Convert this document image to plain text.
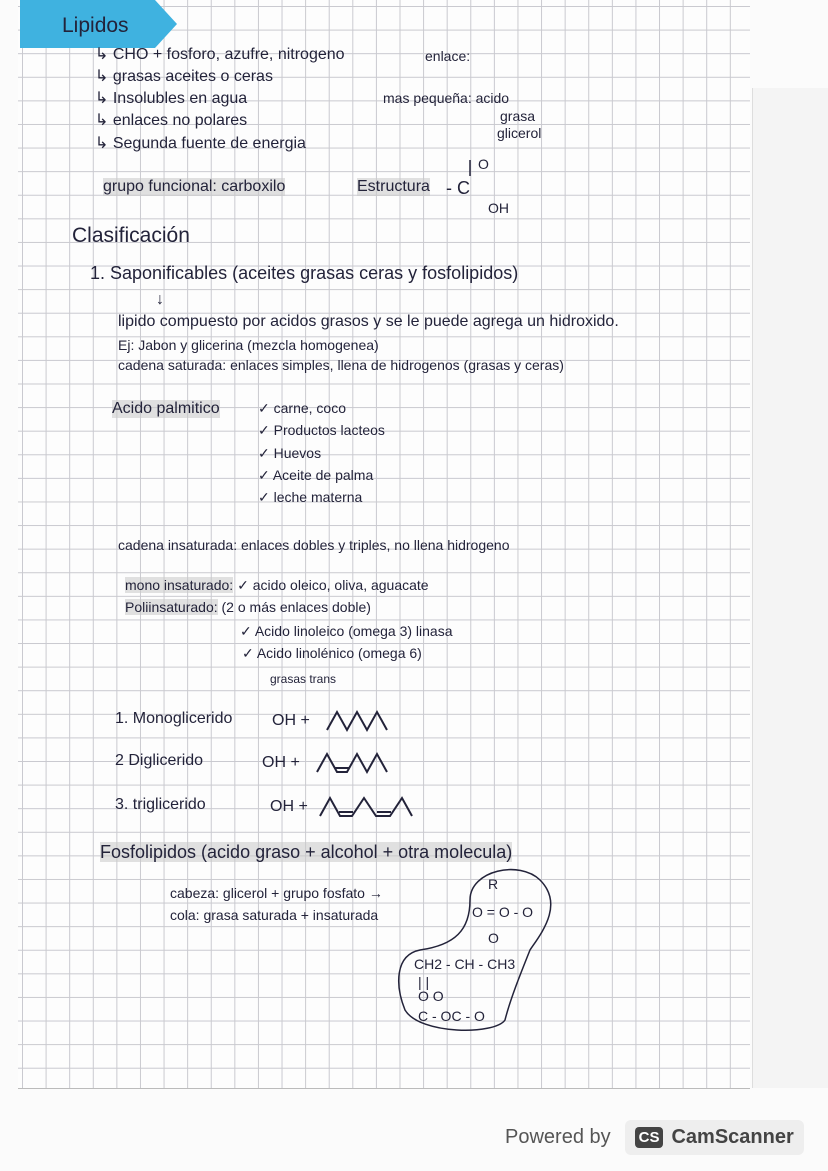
Lipidos
↳ CHO + fosforo, azufre, nitrogeno
↳ grasas aceites o ceras
↳ Insolubles en agua
↳ enlaces no polares
↳ Segunda fuente de energia
enlace:
mas pequeña: acido
grasa
glicerol
grupo funcional: carboxilo	Estructura - C
O
OH
Clasificación
1. Saponificables (aceites grasas ceras y fosfolipidos)
↓
lipido compuesto por acidos grasos y se le puede agrega un hidroxido.
Ej: Jabon y glicerina (mezcla homogenea)
cadena saturada: enlaces simples, llena de hidrogenos (grasas y ceras)
Acido palmitico	✓ carne, coco
✓ Productos lacteos
✓ Huevos
✓ Aceite de palma
✓ leche materna
cadena insaturada: enlaces dobles y triples, no llena hidrogeno
mono insaturado: ✓ acido oleico, oliva, aguacate
Poliinsaturado: (2 o más enlaces doble)
✓ Acido linoleico (omega 3) linasa
✓ Acido linolénico (omega 6)
grasas trans
1. Monoglicerido OH +
2 Diglicerido	OH +
3. triglicerido	OH +
Fosfolipidos (acido graso + alcohol + otra molecula)
cabeza: glicerol + grupo fosfato →
cola: grasa saturada + insaturada
R
O = O - O
O
CH2 - CH - CH3
| |
O O
C - OC - O
Powered by CS CamScanner
